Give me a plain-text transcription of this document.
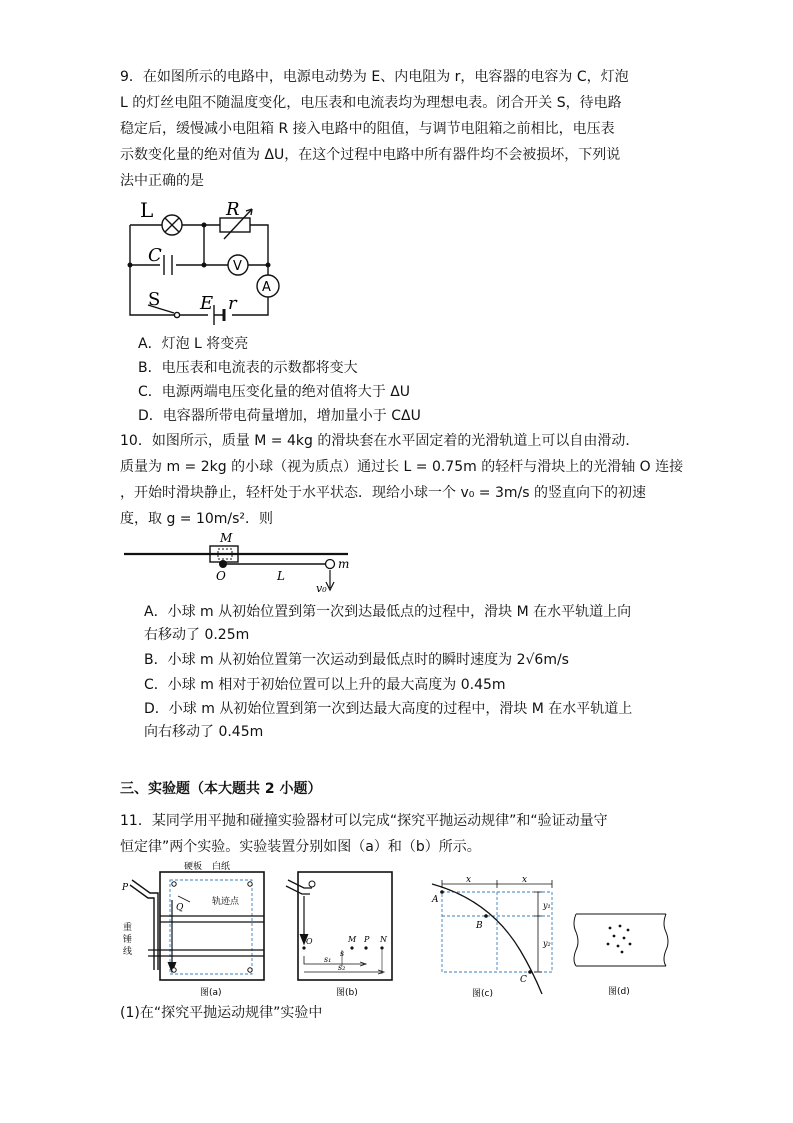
9．在如图所示的电路中，电源电动势为 E、内电阻为 r，电容器的电容为 C，灯泡
L 的灯丝电阻不随温度变化，电压表和电流表均为理想电表。闭合开关 S，待电路
稳定后，缓慢减小电阻箱 R 接入电路中的阻值，与调节电阻箱之前相比，电压表
示数变化量的绝对值为 ΔU，在这个过程中电路中所有器件均不会被损坏，下列说
法中正确的是
L	R
C
V
A
S E r
A．灯泡 L 将变亮
B．电压表和电流表的示数都将变大
C．电源两端电压变化量的绝对值将大于 ΔU
D．电容器所带电荷量增加，增加量小于 CΔU
10．如图所示，质量 M = 4kg 的滑块套在水平固定着的光滑轨道上可以自由滑动．
质量为 m = 2kg 的小球（视为质点）通过长 L = 0.75m 的轻杆与滑块上的光滑轴 O 连接
，开始时滑块静止，轻杆处于水平状态．现给小球一个 v₀ = 3m/s 的竖直向下的初速
度，取 g = 10m/s²．则
M
O	L
m
v₀
A．小球 m 从初始位置到第一次到达最低点的过程中，滑块 M 在水平轨道上向
右移动了 0.25m
B．小球 m 从初始位置第一次运动到最低点时的瞬时速度为 2√6m/s
C．小球 m 相对于初始位置可以上升的最大高度为 0.45m
D．小球 m 从初始位置到第一次到达最大高度的过程中，滑块 M 在水平轨道上
向右移动了 0.45m
三、实验题（本大题共 2 小题）
11．某同学用平抛和碰撞实验器材可以完成“探究平抛运动规律”和“验证动量守
恒定律”两个实验。实验装置分别如图（a）和（b）所示。
硬板 白纸
轨迹点
重
锤
线
P
Q
图(a)
O	M P N
s₁
s
s₂
图(b)
x	x
y₁
y₂
A
B
C
图(c)	图(d)
(1)在“探究平抛运动规律”实验中
